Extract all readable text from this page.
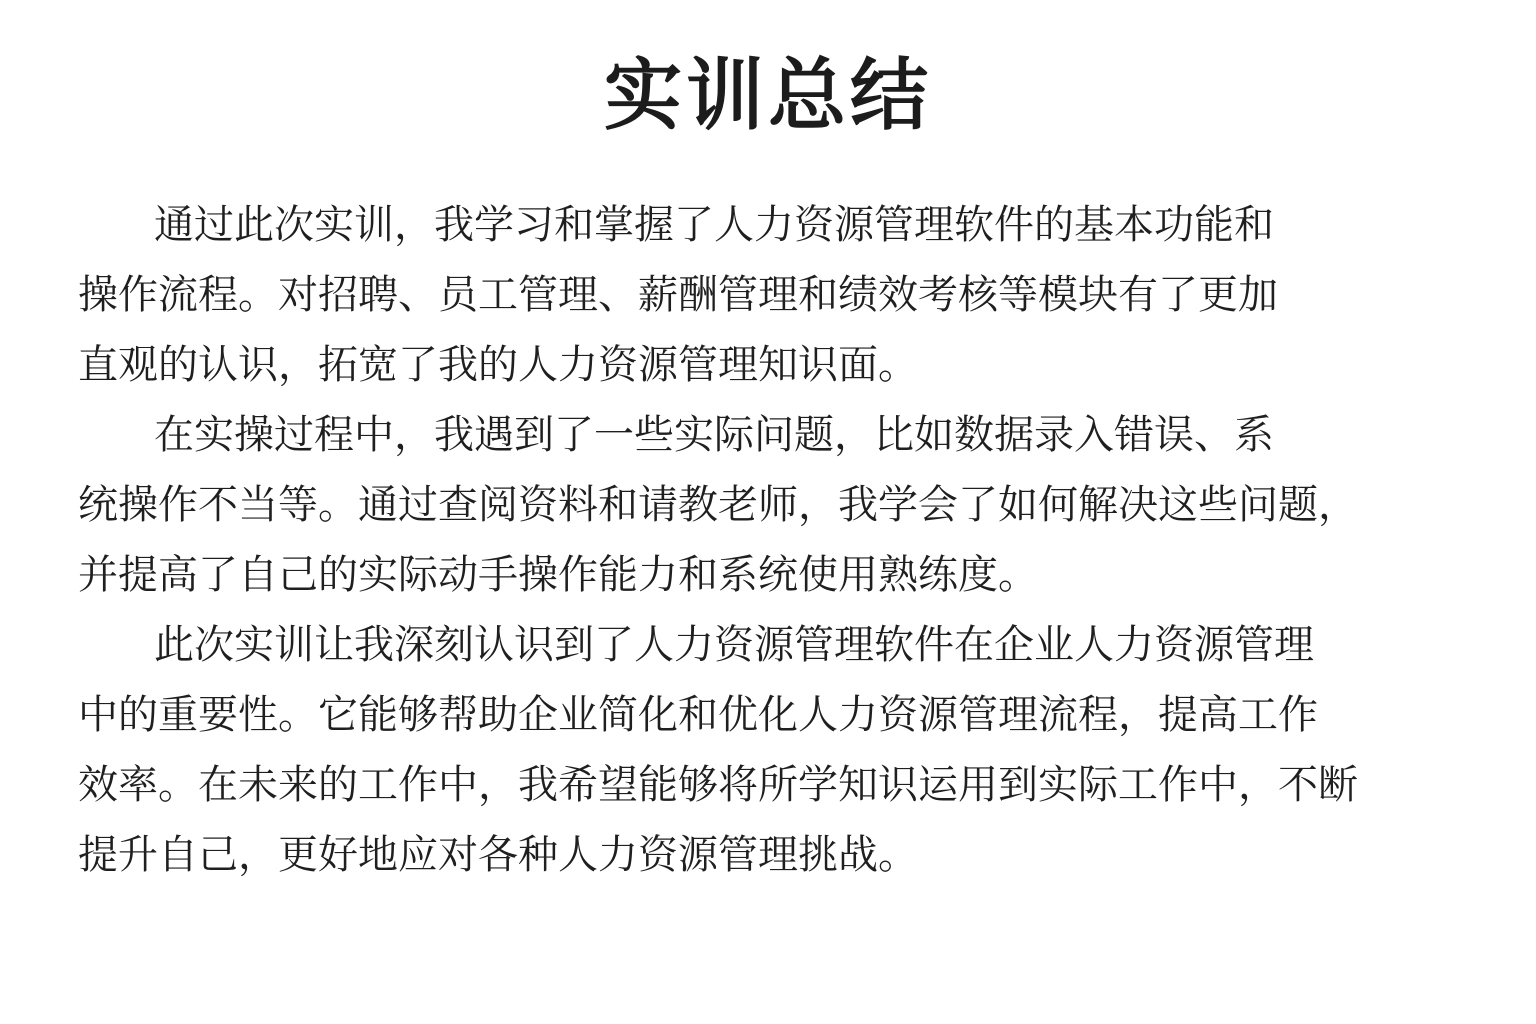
实训总结
通过此次实训，我学习和掌握了人力资源管理软件的基本功能和
操作流程。对招聘、员工管理、薪酬管理和绩效考核等模块有了更加
直观的认识，拓宽了我的人力资源管理知识面。
在实操过程中，我遇到了一些实际问题，比如数据录入错误、系
统操作不当等。通过查阅资料和请教老师，我学会了如何解决这些问题，
并提高了自己的实际动手操作能力和系统使用熟练度。
此次实训让我深刻认识到了人力资源管理软件在企业人力资源管理
中的重要性。它能够帮助企业简化和优化人力资源管理流程，提高工作
效率。在未来的工作中，我希望能够将所学知识运用到实际工作中，不断
提升自己，更好地应对各种人力资源管理挑战。
